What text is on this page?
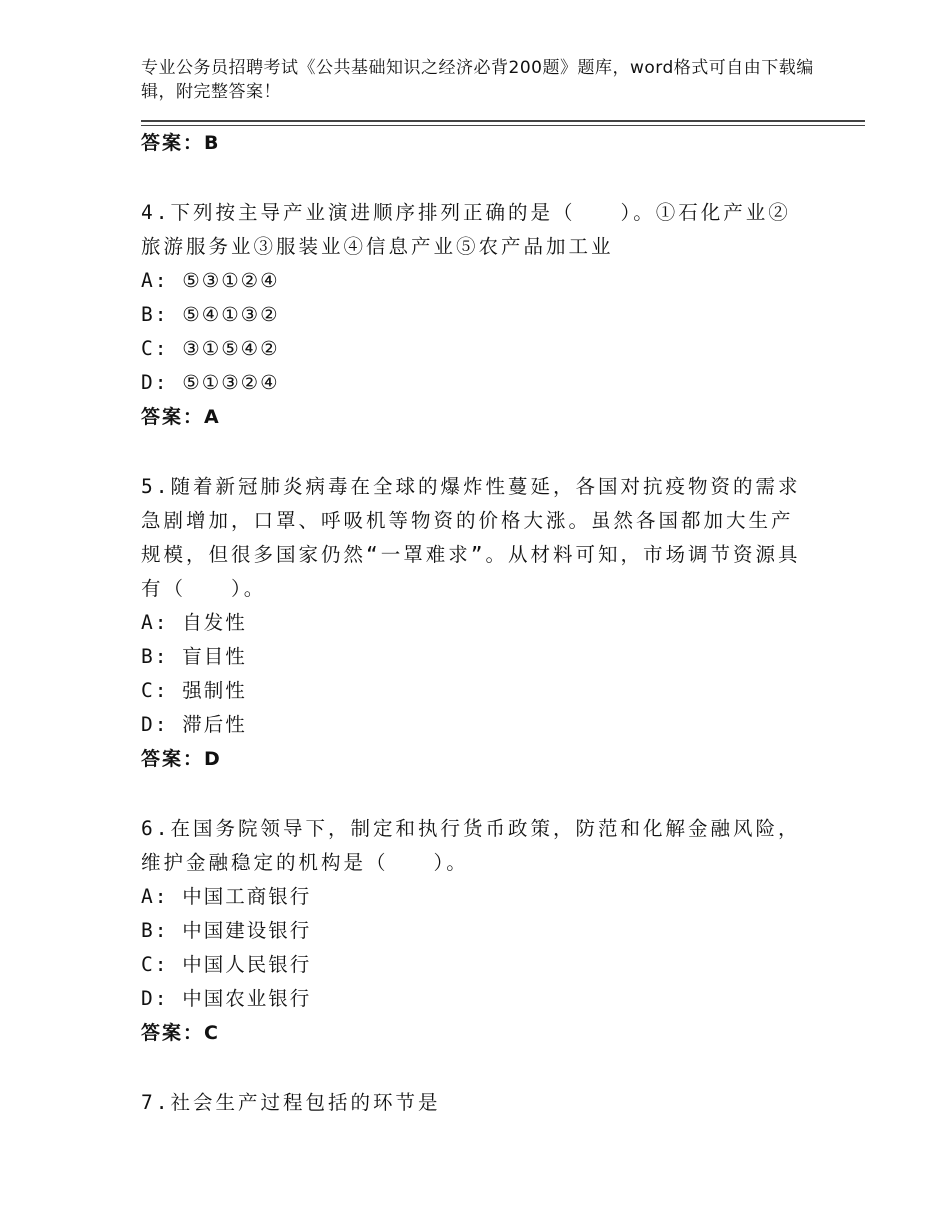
专业公务员招聘考试《公共基础知识之经济必背200题》题库，word格式可自由下载编辑，附完整答案！
答案：B
4.下列按主导产业演进顺序排列正确的是（　　）。①石化产业②旅游服务业③服装业④信息产业⑤农产品加工业
A: ⑤③①②④
B: ⑤④①③②
C: ③①⑤④②
D: ⑤①③②④
答案：A
5.随着新冠肺炎病毒在全球的爆炸性蔓延，各国对抗疫物资的需求急剧增加，口罩、呼吸机等物资的价格大涨。虽然各国都加大生产规模，但很多国家仍然“一罩难求”。从材料可知，市场调节资源具有（　　）。
A: 自发性
B: 盲目性
C: 强制性
D: 滞后性
答案：D
6.在国务院领导下，制定和执行货币政策，防范和化解金融风险，维护金融稳定的机构是（　　）。
A: 中国工商银行
B: 中国建设银行
C: 中国人民银行
D: 中国农业银行
答案：C
7.社会生产过程包括的环节是
